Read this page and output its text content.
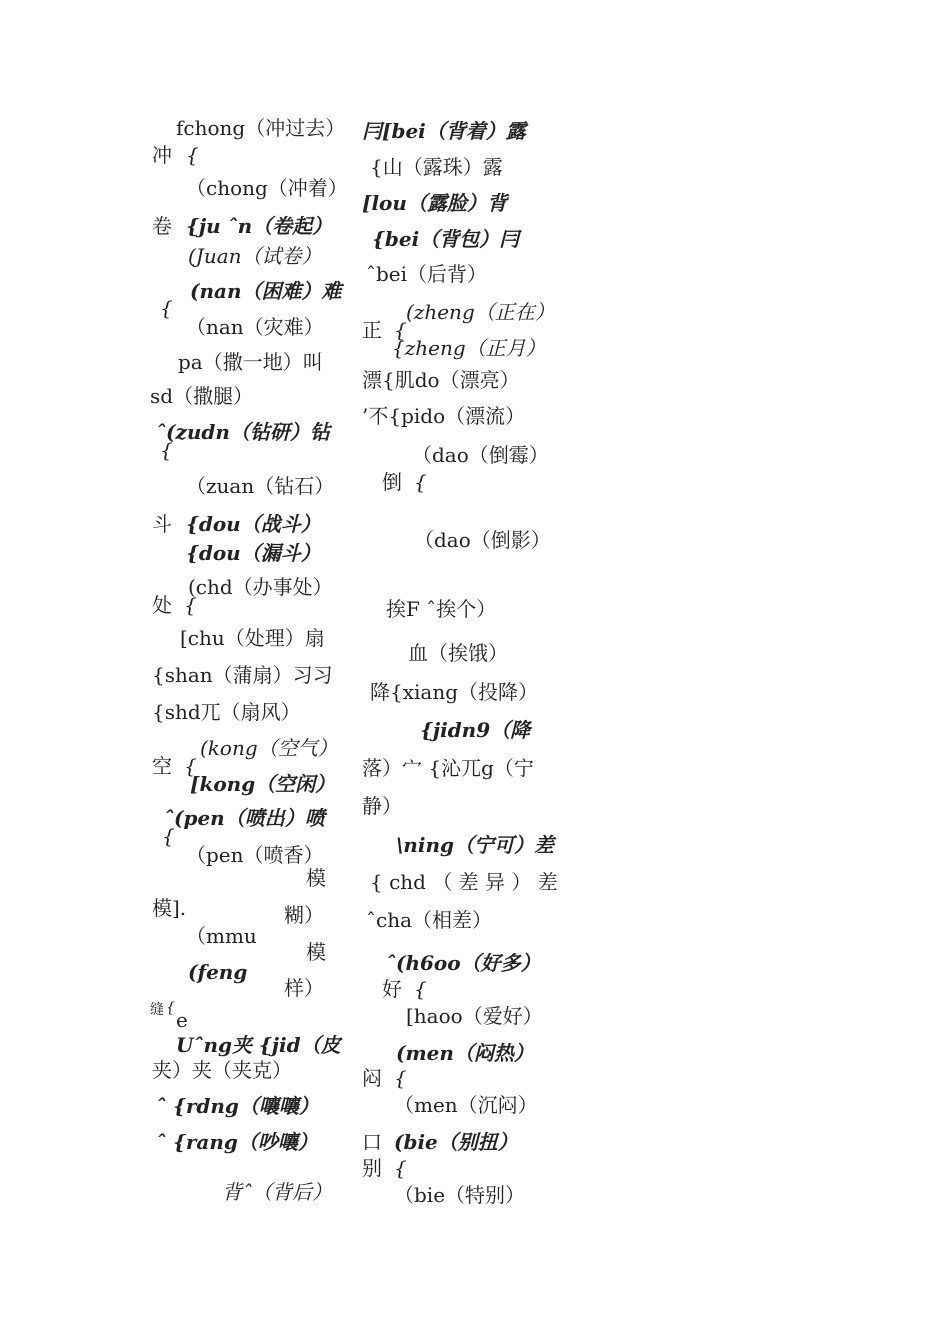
fchong（冲过去）
冲 {
（chong（冲着）
卷 {ju ˆn（卷起）
(Juan（试卷）
(nan（困难）难
{
（nan（灾难）
pa（撒一地）叫
sd（撒腿）
ˆ(zudn（钻研）钻
{
（zuan（钻石）
斗 {dou（战斗）
{dou（漏斗）
(chd（办事处）
处 {
[chu（处理）扇
{shan（蒲扇）习习
{shd兀（扇风）
(kong（空气）
空 {
[kong（空闲）
ˆ(pen（喷出）喷
{
（pen（喷香）
模
模].	糊）
（mmu
模
(feng
样）
缝 { e
Uˆng夹 {jid（皮
夹）夹（夹克）
ˆ {rdng（嚷嚷）
ˆ {rang（吵嚷）
背ˆ（背后）
冃[bei（背着）露
{山（露珠）露
[lou（露脸）背
{bei（背包）冃
ˆbei（后背）
(zheng（正在）
正 {
{zheng（正月）
漂{肌do（漂亮）
’不{pido（漂流）
（dao（倒霉）
倒 {
（dao（倒影）
挨F ˆ挨个）
血（挨饿）
降{xiang（投降）
{jidn9（降
落）宀 {沁兀g（宁
静）
\ning（宁可）差
{ chd （ 差 异 ） 差
ˆcha（相差）
ˆ(h6oo（好多）
好 {
[haoo（爱好）
(men（闷热）
闷 {
（men（沉闷）
口 (bie（别扭）
别 {
（bie（特别）
